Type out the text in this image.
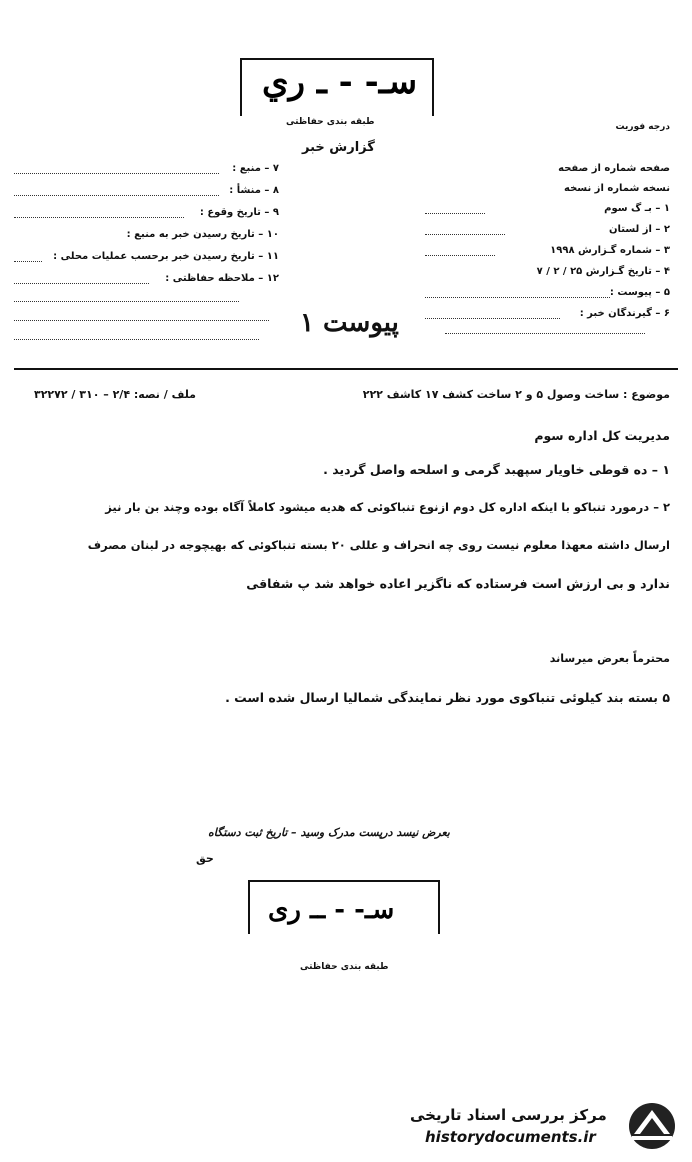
سـ- - ـ ري
طبقه بندی حفاظتی	درجه فوریت
گزارش خبر
۷ – منبع :
۸ – منشأ :
۹ – تاریخ وقوع :
۱۰ – تاریخ رسیدن خبر به منبع :
۱۱ – تاریخ رسیدن خبر برحسب عملیات محلی :
۱۲ – ملاحظه حفاظتی :
صفحه شماره از صفحه
نسخه شماره از نسخه
۱ – بـ گ سوم
۲ – از لستان
۳ – شماره گـزارش ۱۹۹۸
۴ – تاریخ گـزارش ۲۵ / ۲ / ۷
۵ – پیوست :
۶ – گیرندگان خبر :
پیوست ۱
موضوع : ساخت وصول ۵ و ۲ ساخت کشف ۱۷ کاشف ۲۲۲
ملف / نصه: ۲/۴ – ۳۱۰ / ۳۲۲۷۲
مدیریت کل اداره سوم
۱ – ده قوطی خاویار سپهبد گرمی و اسلحه واصل گردید .
۲ – درمورد تنباکو با اینکه اداره کل دوم ازنوع تنباکوئی که هدیه میشود کاملاً آگاه بوده وچند بن بار نیز
ارسال داشته معهذا معلوم نیست روی چه انحراف و عللی ۲۰ بسته تنباکوئی که بهیچوجه در لبنان مصرف
ندارد و بی ارزش است فرستاده که ناگزیر اعاده خواهد شد پ شفاقی
محترماً بعرض میرساند
۵ بسته بند کیلوئی تنباکوی مورد نظر نمایندگی شمالیا ارسال شده است .
بعرض نیسد درپست مدرک وسید – تاریخ ثبت دستگاه
حق
سـ- - ــ ری
طبقه بندی حفاظتی
مرکز بررسی اسناد تاریخی
historydocuments.ir
